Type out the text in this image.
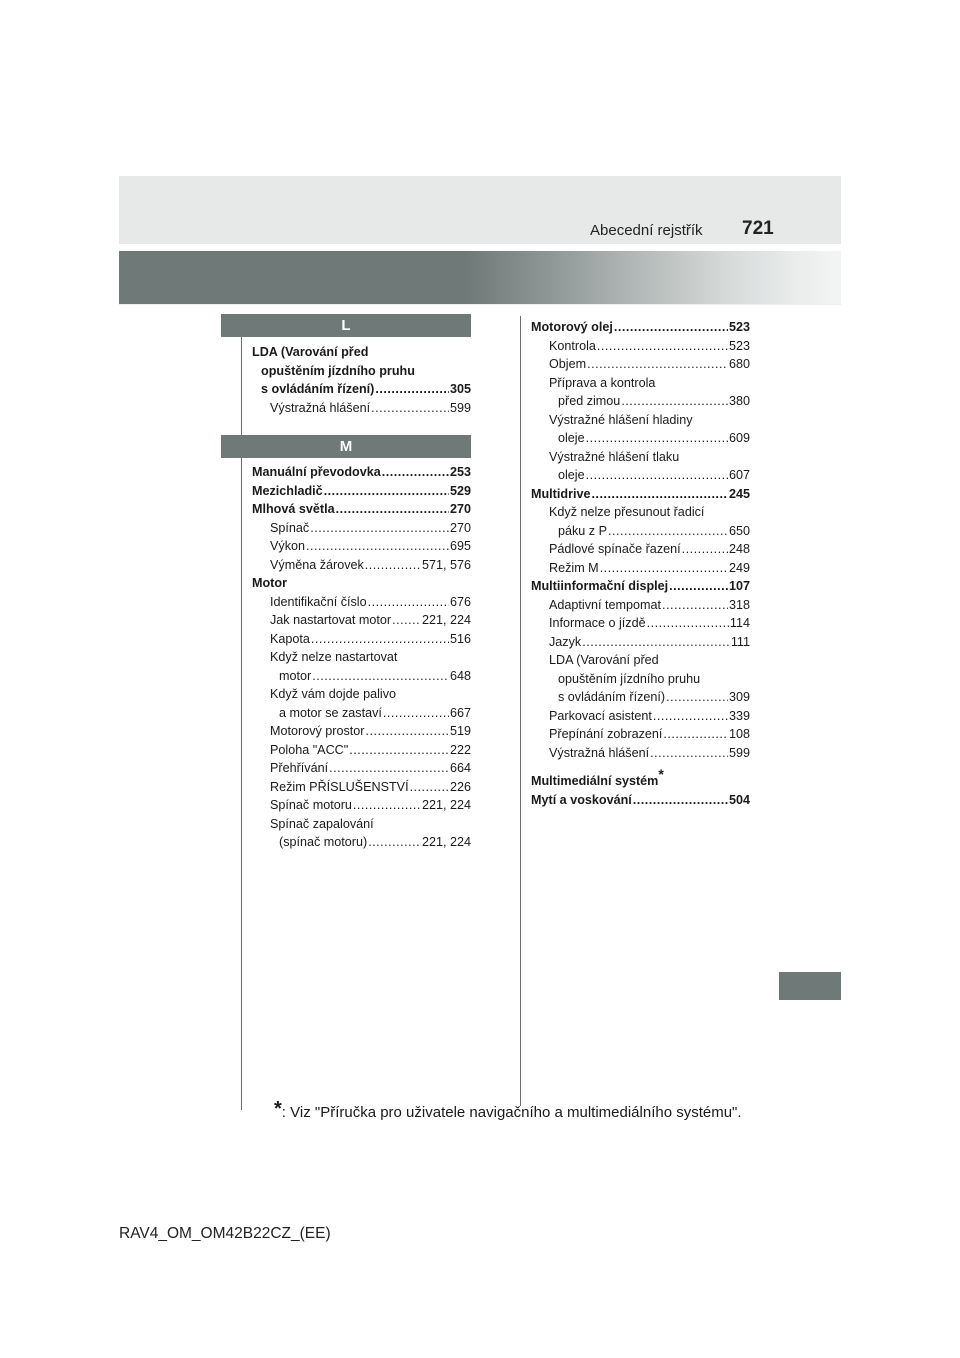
Abecední rejstřík 721
L
LDA (Varování před
opuštěním jízdního pruhu
s ovládáním řízení) .....	305
Výstražná hlášení .....	599
M
Manuální převodovka .....	253
Mezichladič .....	529
Mlhová světla .....	270
Spínač .....	270
Výkon .....	695
Výměna žárovek .....	571, 576
Motor
Identifikační číslo .....	676
Jak nastartovat motor ..... 221, 224
Kapota .....	516
Když nelze nastartovat
motor .....	648
Když vám dojde palivo
a motor se zastaví .....	667
Motorový prostor .....	519
Poloha "ACC" .....	222
Přehřívání .....	664
Režim PŘÍSLUŠENSTVÍ .....	226
Spínač motoru .....	221, 224
Spínač zapalování
(spínač motoru) .....	221, 224
Motorový olej .....	523
Kontrola .....	523
Objem .....	680
Příprava a kontrola
před zimou .....	380
Výstražné hlášení hladiny
oleje .....	609
Výstražné hlášení tlaku
oleje .....	607
Multidrive .....	245
Když nelze přesunout řadicí
páku z P .....	650
Pádlové spínače řazení .....	248
Režim M .....	249
Multiinformační displej .....	107
Adaptivní tempomat .....	318
Informace o jízdě .....	114
Jazyk .....	111
LDA (Varování před
opuštěním jízdního pruhu
s ovládáním řízení) .....	309
Parkovací asistent .....	339
Přepínání zobrazení .....	108
Výstražná hlášení .....	599
Multimediální systém*
Mytí a voskování .....	504
*: Viz "Příručka pro uživatele navigačního a multimediálního systému".
RAV4_OM_OM42B22CZ_(EE)
